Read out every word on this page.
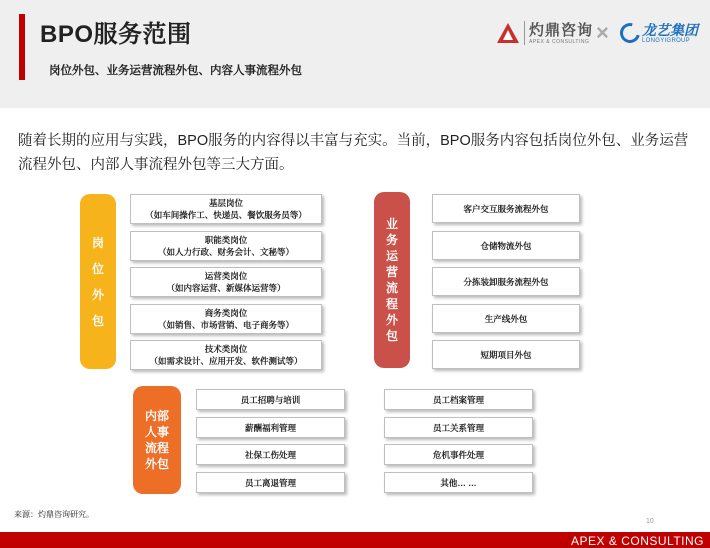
BPO服务范围
岗位外包、业务运营流程外包、内容人事流程外包
灼鼎咨询
APEX & CONSULTING × 龙艺集团
LONGYIGROUP
随着长期的应用与实践，BPO服务的内容得以丰富与充实。当前，BPO服务内容包括岗位外包、业务运营流程外包、内部人事流程外包等三大方面。
岗
位
外
包
基层岗位
（如车间操作工、快递员、餐饮服务员等）
职能类岗位
（如人力行政、财务会计、文秘等）
运营类岗位
（如内容运营、新媒体运营等）
商务类岗位
（如销售、市场营销、电子商务等）
技术类岗位
（如需求设计、应用开发、软件测试等）
业
务
运
营
流
程
外
包
客户交互服务流程外包
仓储物流外包
分拣装卸服务流程外包
生产线外包
短期项目外包
内部
人事
流程
外包
员工招聘与培训
薪酬福利管理
社保工伤处理
员工离退管理
员工档案管理
员工关系管理
危机事件处理
其他… …
来源：灼鼎咨询研究。
10
APEX & CONSULTING
